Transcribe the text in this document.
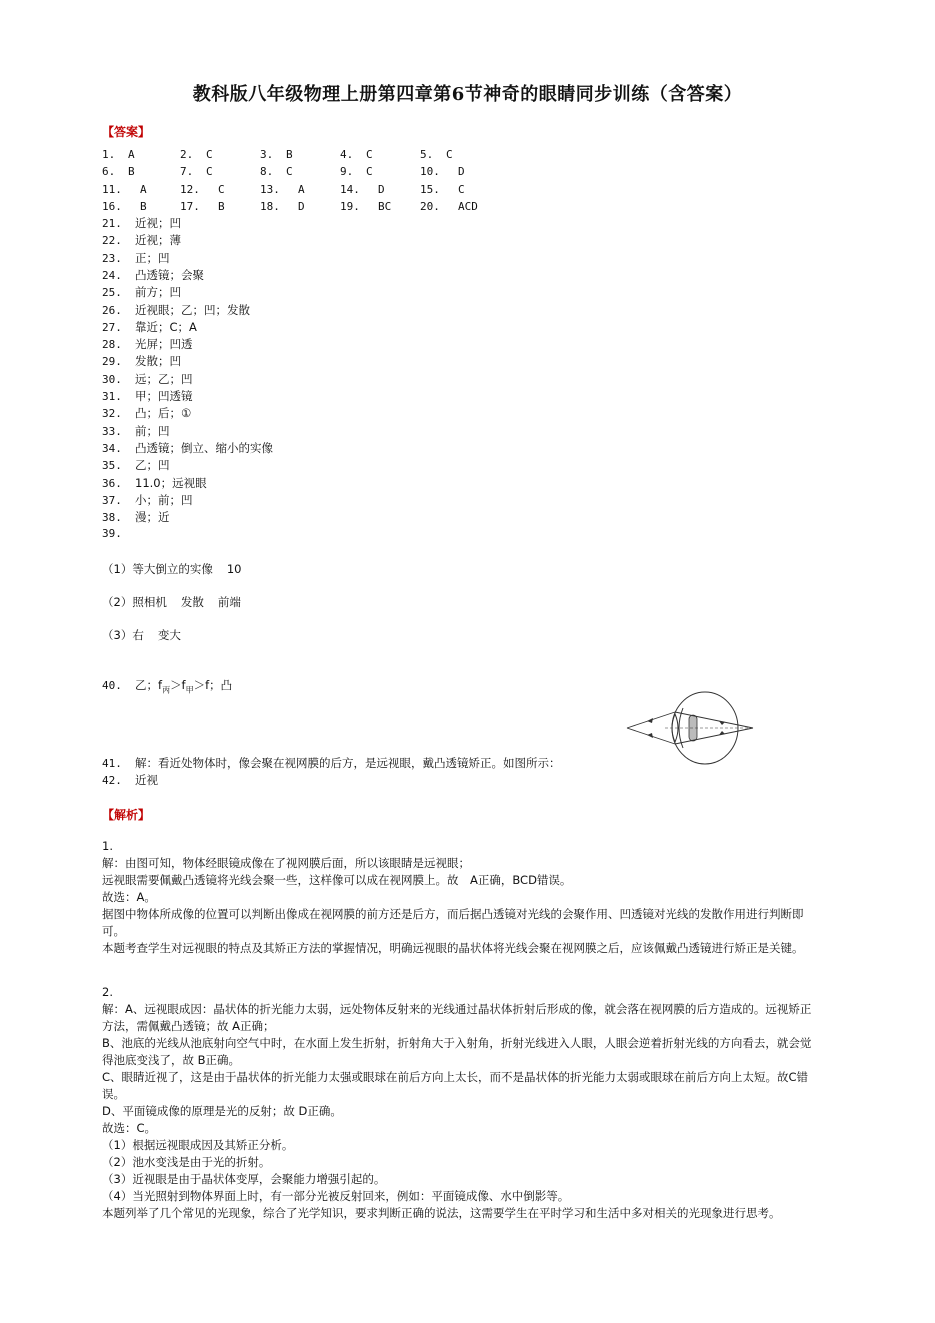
教科版八年级物理上册第四章第6节神奇的眼睛同步训练（含答案）
【答案】
1. A	2. C	3. B	4. C	5. C
6. B	7. C	8. C	9. C	10. D
11. A	12. C	13. A	14. D	15. C
16. B	17. B	18. D	19. BC	20. ACD
21. 近视；凹
22. 近视；薄
23. 正；凹
24. 凸透镜；会聚
25. 前方；凹
26. 近视眼；乙；凹；发散
27. 靠近；C；A
28. 光屏；凹透
29. 发散；凹
30. 远；乙；凹
31. 甲；凹透镜
32. 凸；后；①
33. 前；凹
34. 凸透镜；倒立、缩小的实像
35. 乙；凹
36. 11.0；远视眼
37. 小；前；凹
38. 漫；近
39.
（1）等大倒立的实像 10
（2）照相机 发散 前端
（3）右 变大
40. 乙；$f_丙>f_甲>f$；凸
41. 解：看近处物体时，像会聚在视网膜的后方，是远视眼，戴凸透镜矫正。如图所示：
42. 近视
【解析】

1.

解：由图可知，物体经眼镜成像在了视网膜后面，所以该眼睛是远视眼；

远视眼需要佩戴凸透镜将光线会聚一些，这样像可以成在视网膜上。故　A正确，BCD错误。

故选：A。

据图中物体所成像的位置可以判断出像成在视网膜的前方还是后方，而后据凸透镜对光线的会聚作用、凹透镜对光线的发散作用进行判断即可。

本题考查学生对远视眼的特点及其矫正方法的掌握情况，明确远视眼的晶状体将光线会聚在视网膜之后，应该佩戴凸透镜进行矫正是关键。

2.

解：A、远视眼成因：晶状体的折光能力太弱，远处物体反射来的光线通过晶状体折射后形成的像，就会落在视网膜的后方造成的。远视矫正方法，需佩戴凸透镜；故 A正确；

B、池底的光线从池底射向空气中时，在水面上发生折射，折射角大于入射角，折射光线进入人眼，人眼会逆着折射光线的方向看去，就会觉得池底变浅了，故 B正确。

C、眼睛近视了，这是由于晶状体的折光能力太强或眼球在前后方向上太长，而不是晶状体的折光能力太弱或眼球在前后方向上太短。故C错误。

D、平面镜成像的原理是光的反射；故 D正确。

故选：C。

（1）根据远视眼成因及其矫正分析。

（2）池水变浅是由于光的折射。

（3）近视眼是由于晶状体变厚，会聚能力增强引起的。

（4）当光照射到物体界面上时，有一部分光被反射回来，例如：平面镜成像、水中倒影等。

本题列举了几个常见的光现象，综合了光学知识，要求判断正确的说法，这需要学生在平时学习和生活中多对相关的光现象进行思考。
